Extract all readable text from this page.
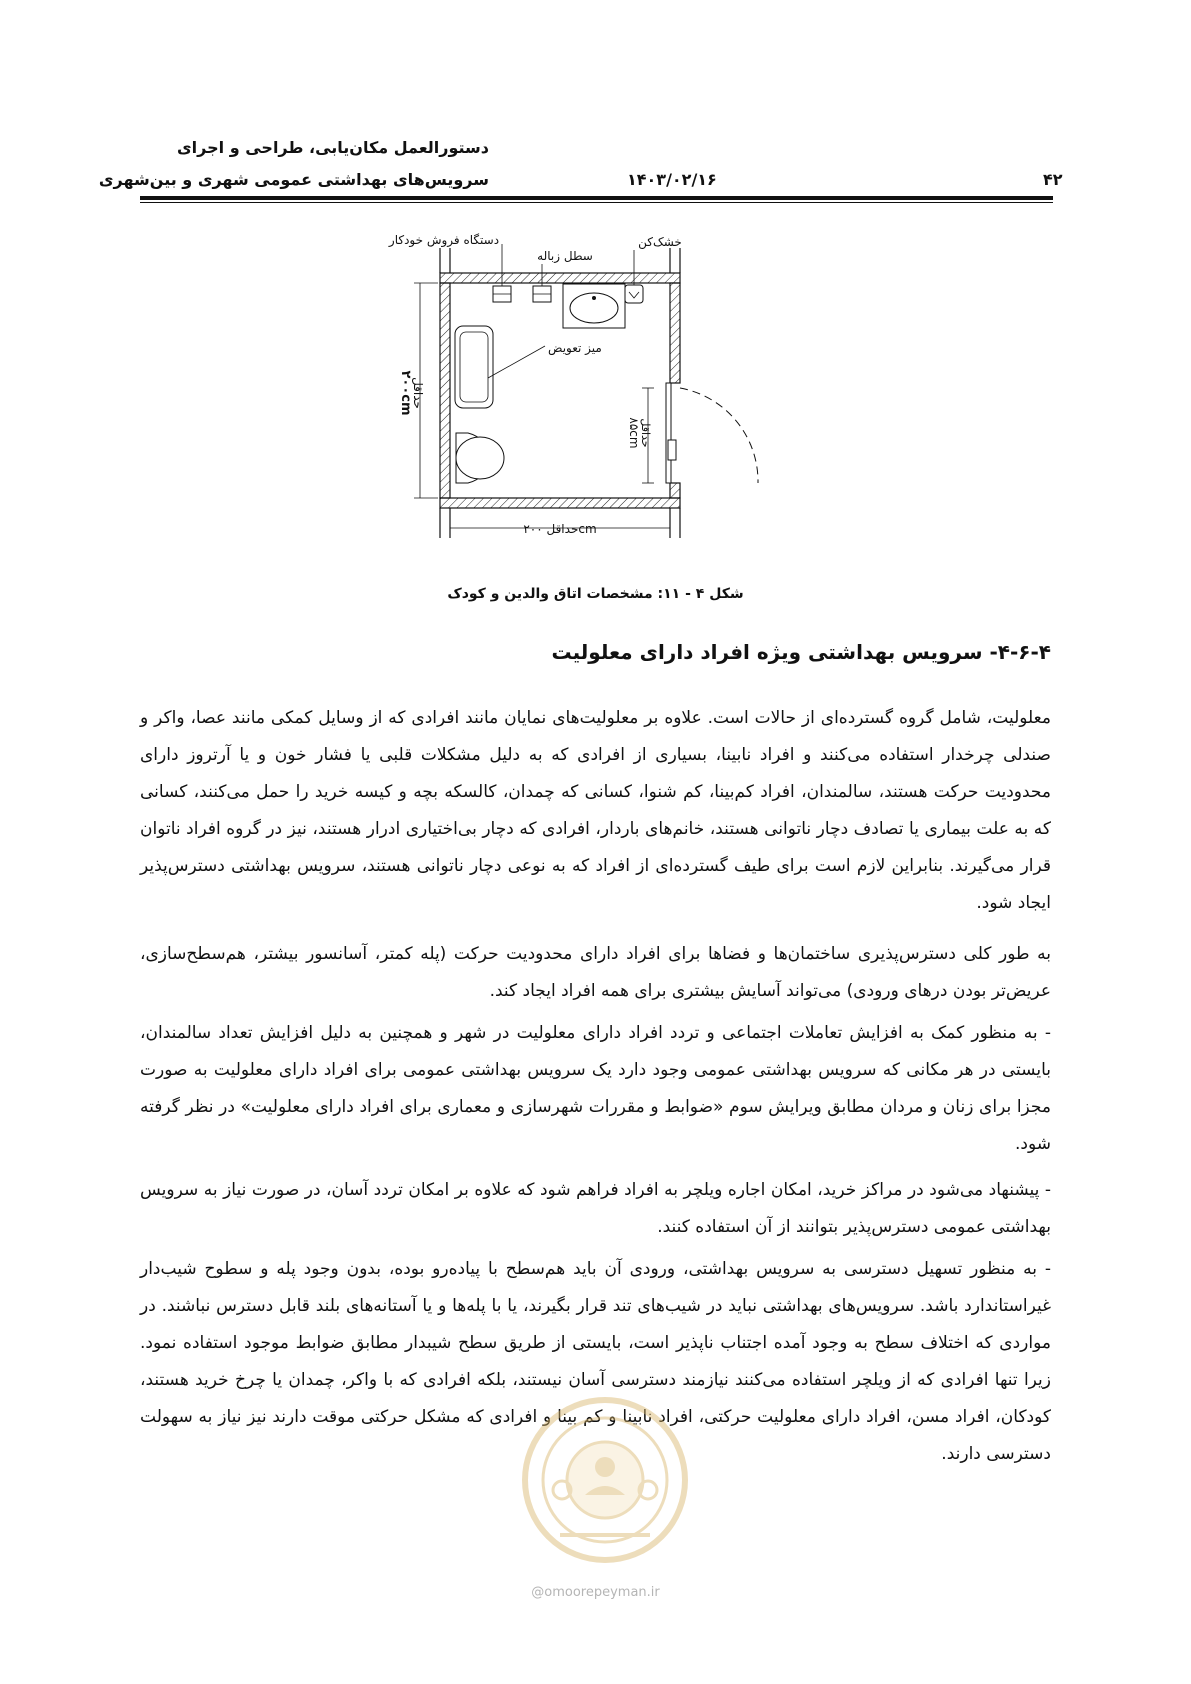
دستورالعمل مکان‌یابی، طراحی و اجرای
سرویس‌های بهداشتی عمومی شهری و بین‌شهری	۱۴۰۳/۰۲/۱۶	۴۲
دستگاه فروش خودکار
سطل زباله
خشک‌کن
میز تعویض
حداقل ۲۰۰cm
حداقل
۲۰۰cm
حداقل
۸۵cm
شکل ۴ - ۱۱: مشخصات اتاق والدین و کودک
۴-۶-۴- سرویس بهداشتی ویژه افراد دارای معلولیت
معلولیت، شامل گروه گسترده‌ای از حالات است. علاوه بر معلولیت‌های نمایان مانند افرادی که از وسایل کمکی مانند عصا، واکر و صندلی چرخدار استفاده می‌کنند و افراد نابینا، بسیاری از افرادی که به دلیل مشکلات قلبی یا فشار خون و یا آرتروز دارای محدودیت حرکت هستند، سالمندان، افراد کم‌بینا، کم شنوا، کسانی که چمدان، کالسکه بچه و کیسه خرید را حمل می‌کنند، کسانی که به علت بیماری یا تصادف دچار ناتوانی هستند، خانم‌های باردار، افرادی که دچار بی‌اختیاری ادرار هستند، نیز در گروه افراد ناتوان قرار می‌گیرند. بنابراین لازم است برای طیف گسترده‌ای از افراد که به نوعی دچار ناتوانی هستند، سرویس بهداشتی دسترس‌پذیر ایجاد شود.
به طور کلی دسترس‌پذیری ساختمان‌ها و فضاها برای افراد دارای محدودیت حرکت (پله کمتر، آسانسور بیشتر، هم‌سطح‌سازی، عریض‌تر بودن درهای ورودی) می‌تواند آسایش بیشتری برای همه افراد ایجاد کند.
- به منظور کمک به افزایش تعاملات اجتماعی و تردد افراد دارای معلولیت در شهر و همچنین به دلیل افزایش تعداد سالمندان، بایستی در هر مکانی که سرویس بهداشتی عمومی وجود دارد یک سرویس بهداشتی عمومی برای افراد دارای معلولیت به صورت مجزا برای زنان و مردان مطابق ویرایش سوم «ضوابط و مقررات شهرسازی و معماری برای افراد دارای معلولیت» در نظر گرفته شود.
- پیشنهاد می‌شود در مراکز خرید، امکان اجاره ویلچر به افراد فراهم شود که علاوه بر امکان تردد آسان، در صورت نیاز به سرویس بهداشتی عمومی دسترس‌پذیر بتوانند از آن استفاده کنند.
- به منظور تسهیل دسترسی به سرویس بهداشتی، ورودی آن باید هم‌سطح با پیاده‌رو بوده، بدون وجود پله و سطوح شیب‌دار غیراستاندارد باشد. سرویس‌های بهداشتی نباید در شیب‌های تند قرار بگیرند، یا با پله‌ها و یا آستانه‌های بلند قابل دسترس نباشند. در مواردی که اختلاف سطح به وجود آمده اجتناب ناپذیر است، بایستی از طریق سطح شیبدار مطابق ضوابط موجود استفاده نمود. زیرا تنها افرادی که از ویلچر استفاده می‌کنند نیازمند دسترسی آسان نیستند، بلکه افرادی که با واکر، چمدان یا چرخ خرید هستند، کودکان، افراد مسن، افراد دارای معلولیت حرکتی، افراد نابینا و کم بینا و افرادی که مشکل حرکتی موقت دارند نیز نیاز به سهولت دسترسی دارند.
@omoorepeyman.ir
